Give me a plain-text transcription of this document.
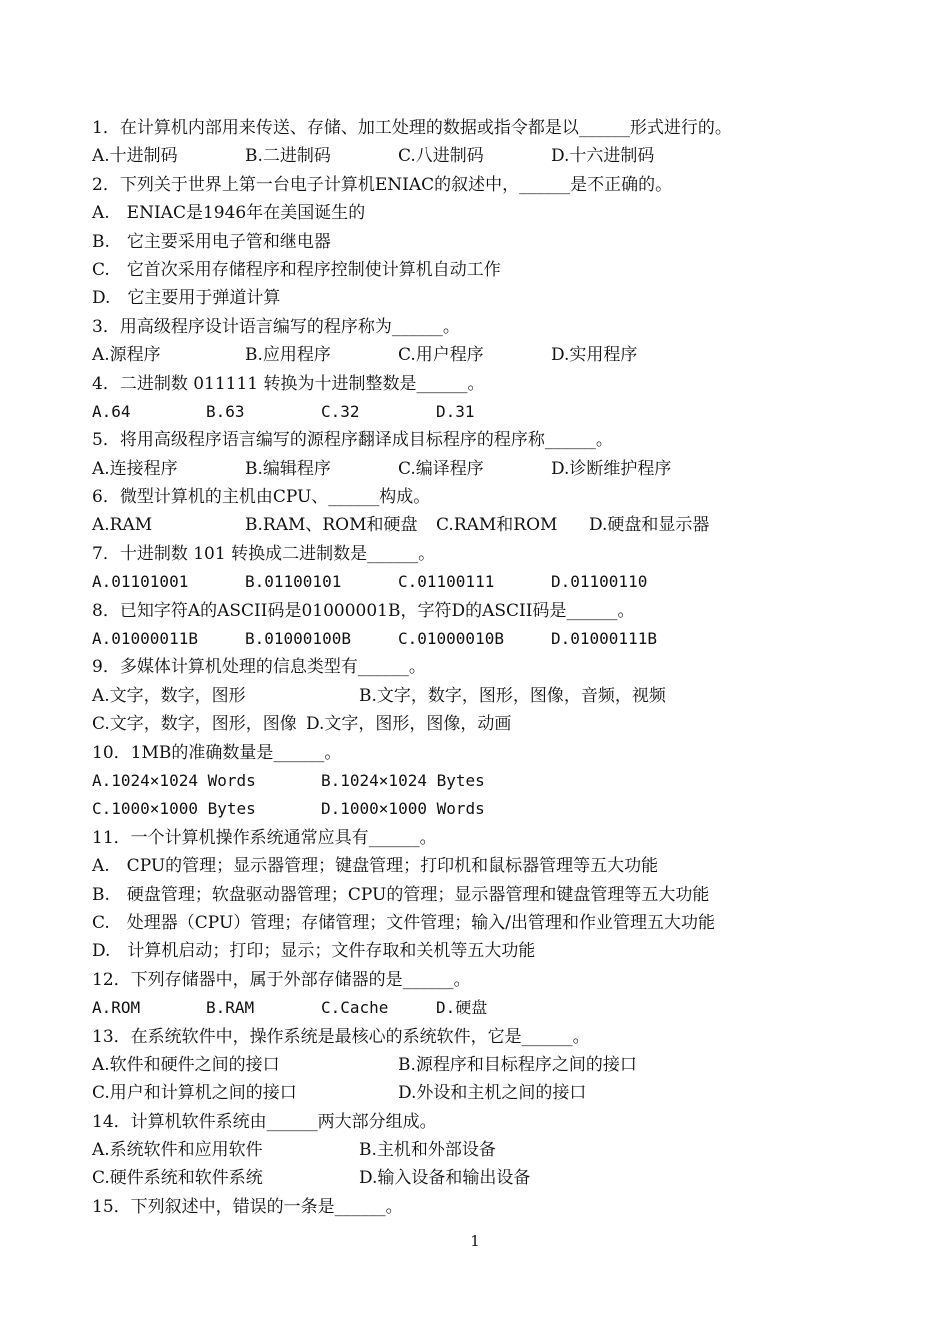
1．在计算机内部用来传送、存储、加工处理的数据或指令都是以______形式进行的。
A.十进制码	B.二进制码	C.八进制码	D.十六进制码
2．下列关于世界上第一台电子计算机ENIAC的叙述中，______是不正确的。
A.　ENIAC是1946年在美国诞生的
B.　它主要采用电子管和继电器
C.　它首次采用存储程序和程序控制使计算机自动工作
D.　它主要用于弹道计算
3．用高级程序设计语言编写的程序称为______。
A.源程序	B.应用程序	C.用户程序	D.实用程序
4．二进制数 011111 转换为十进制整数是______。
A.64	B.63	C.32	D.31
5．将用高级程序语言编写的源程序翻译成目标程序的程序称______。
A.连接程序	B.编辑程序	C.编译程序	D.诊断维护程序
6．微型计算机的主机由CPU、______构成。
A.RAM	B.RAM、ROM和硬盘 C.RAM和ROM D.硬盘和显示器
7．十进制数 101 转换成二进制数是______。
A.01101001	B.01100101	C.01100111	D.01100110
8．已知字符A的ASCII码是01000001B，字符D的ASCII码是______。
A.01000011B	B.01000100B	C.01000010B	D.01000111B
9．多媒体计算机处理的信息类型有______。
A.文字，数字，图形	B.文字，数字，图形，图像，音频，视频
C.文字，数字，图形，图像 D.文字，图形，图像，动画
10．1MB的准确数量是______。
A.1024×1024 Words	B.1024×1024 Bytes
C.1000×1000 Bytes	D.1000×1000 Words
11．一个计算机操作系统通常应具有______。
A.　CPU的管理；显示器管理；键盘管理；打印机和鼠标器管理等五大功能
B.　硬盘管理；软盘驱动器管理；CPU的管理；显示器管理和键盘管理等五大功能
C.　处理器（CPU）管理；存储管理；文件管理；输入/出管理和作业管理五大功能
D.　计算机启动；打印；显示；文件存取和关机等五大功能
12．下列存储器中，属于外部存储器的是______。
A.ROM	B.RAM	C.Cache	D.硬盘
13．在系统软件中，操作系统是最核心的系统软件，它是______。
A.软件和硬件之间的接口	B.源程序和目标程序之间的接口
C.用户和计算机之间的接口	D.外设和主机之间的接口
14．计算机软件系统由______两大部分组成。
A.系统软件和应用软件	B.主机和外部设备
C.硬件系统和软件系统	D.输入设备和输出设备
15．下列叙述中，错误的一条是______。
1
